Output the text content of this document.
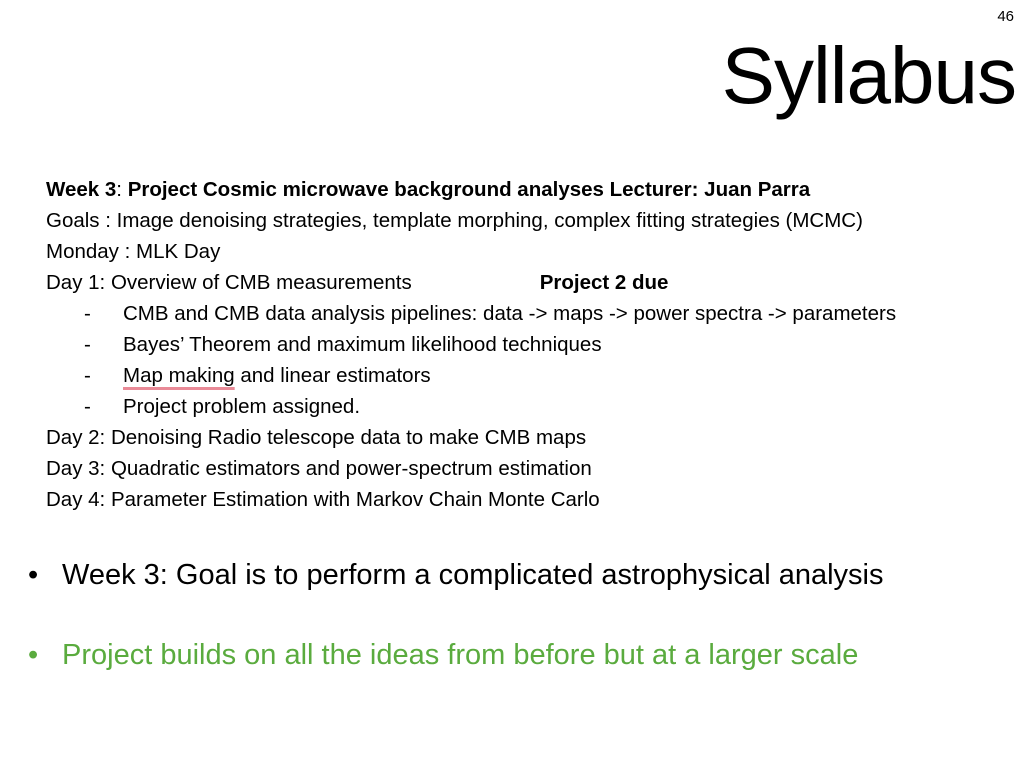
46
Syllabus
Week 3: Project Cosmic microwave background analyses Lecturer: Juan Parra
Goals : Image denoising strategies, template morphing, complex fitting strategies (MCMC)
Monday : MLK Day
Day 1: Overview of CMB measurements	Project 2 due
- CMB and CMB data analysis pipelines: data -> maps -> power spectra -> parameters
- Bayes’ Theorem and maximum likelihood techniques
- Map making and linear estimators
- Project problem assigned.
Day 2: Denoising Radio telescope data to make CMB maps
Day 3: Quadratic estimators and power-spectrum estimation
Day 4: Parameter Estimation with Markov Chain Monte Carlo
• Week 3: Goal is to perform a complicated astrophysical analysis
• Project builds on all the ideas from before but at a larger scale
